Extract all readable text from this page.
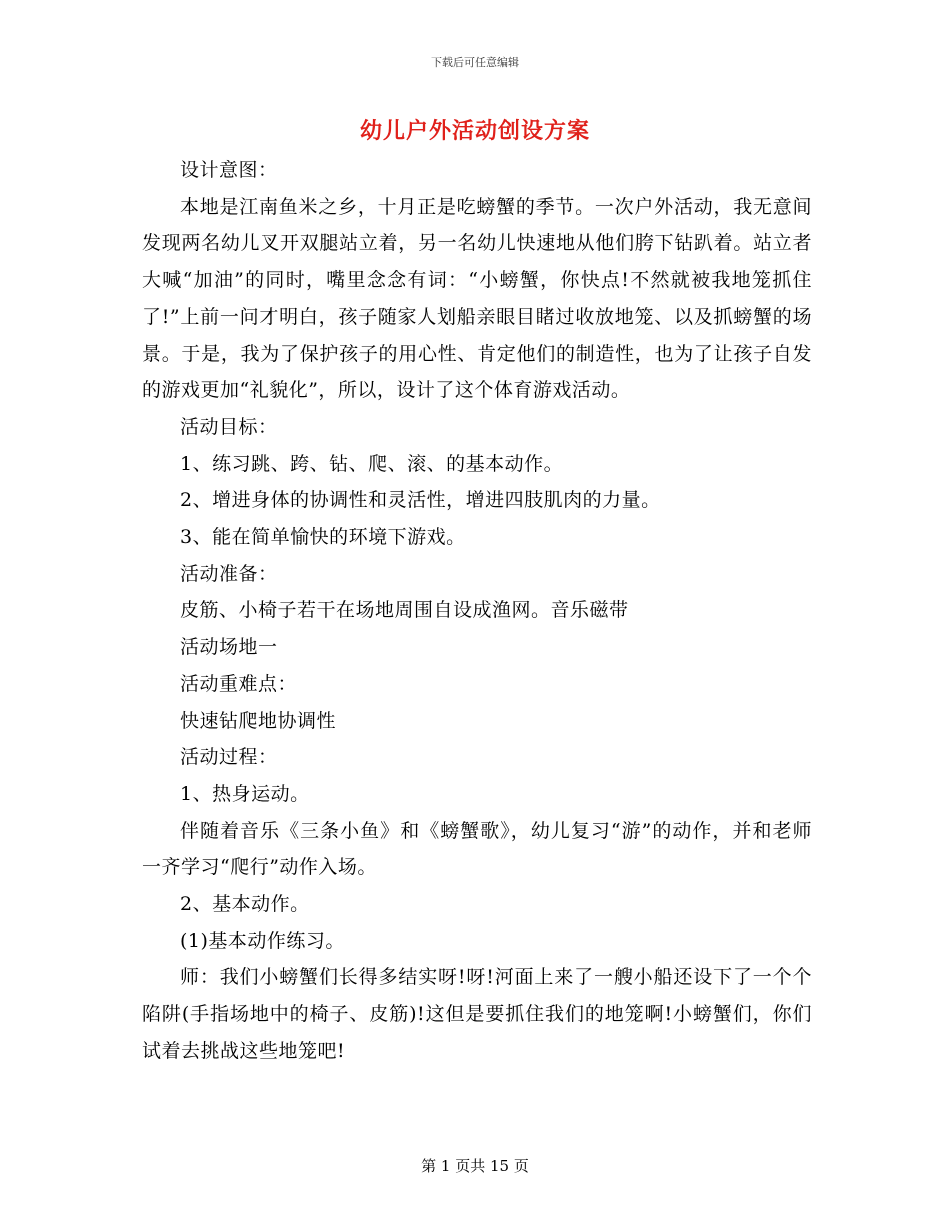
下载后可任意编辑
幼儿户外活动创设方案

设计意图：

本地是江南鱼米之乡，十月正是吃螃蟹的季节。一次户外活动，我无意间发现两名幼儿叉开双腿站立着，另一名幼儿快速地从他们胯下钻趴着。站立者大喊“加油”的同时，嘴里念念有词：“小螃蟹，你快点!不然就被我地笼抓住了!”上前一问才明白，孩子随家人划船亲眼目睹过收放地笼、以及抓螃蟹的场景。于是，我为了保护孩子的用心性、肯定他们的制造性，也为了让孩子自发的游戏更加“礼貌化”，所以，设计了这个体育游戏活动。

活动目标：

1、练习跳、跨、钻、爬、滚、的基本动作。

2、增进身体的协调性和灵活性，增进四肢肌肉的力量。

3、能在简单愉快的环境下游戏。

活动准备：

皮筋、小椅子若干在场地周围自设成渔网。音乐磁带

活动场地一

活动重难点：

快速钻爬地协调性

活动过程：

1、热身运动。

伴随着音乐《三条小鱼》和《螃蟹歌》，幼儿复习“游”的动作，并和老师一齐学习“爬行”动作入场。

2、基本动作。

(1)基本动作练习。

师：我们小螃蟹们长得多结实呀!呀!河面上来了一艘小船还设下了一个个陷阱(手指场地中的椅子、皮筋)!这但是要抓住我们的地笼啊!小螃蟹们，你们试着去挑战这些地笼吧!

第 1 页共 15 页
